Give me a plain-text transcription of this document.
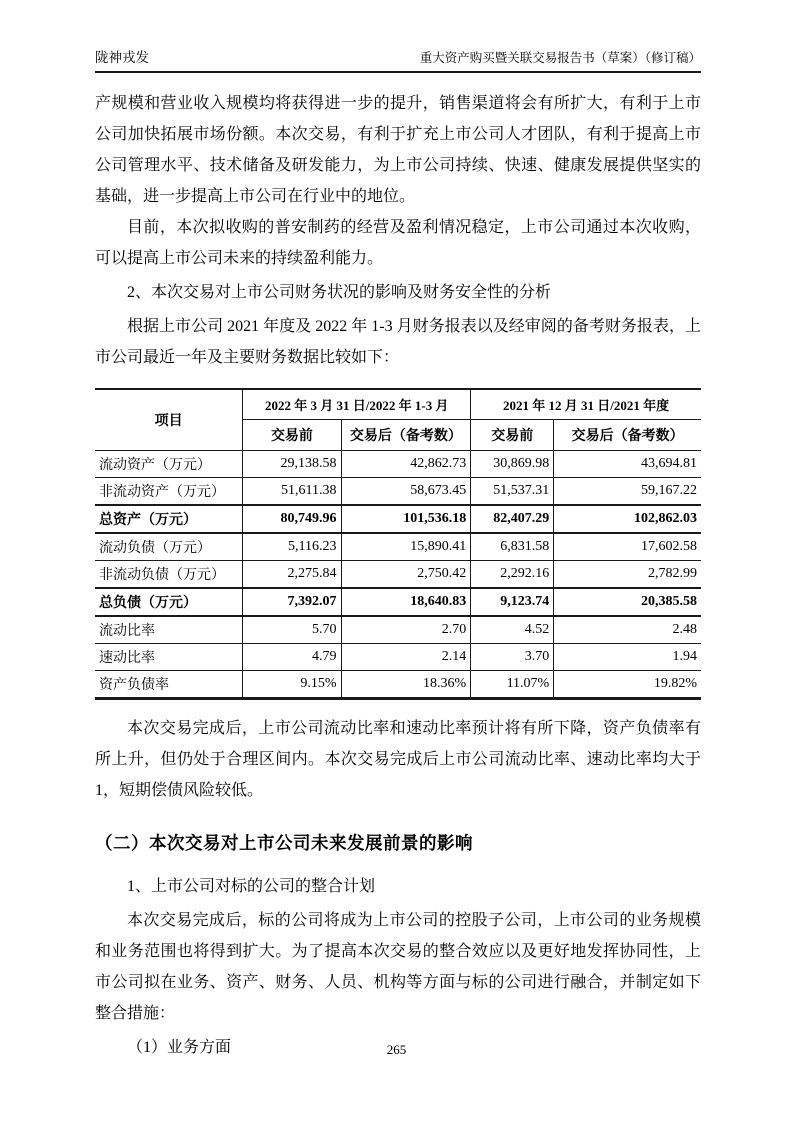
陇神戎发	重大资产购买暨关联交易报告书（草案）（修订稿）

产规模和营业收入规模均将获得进一步的提升，销售渠道将会有所扩大，有利于上市公司加快拓展市场份额。本次交易，有利于扩充上市公司人才团队，有利于提高上市公司管理水平、技术储备及研发能力，为上市公司持续、快速、健康发展提供坚实的基础，进一步提高上市公司在行业中的地位。

目前，本次拟收购的普安制药的经营及盈利情况稳定，上市公司通过本次收购，可以提高上市公司未来的持续盈利能力。

2、本次交易对上市公司财务状况的影响及财务安全性的分析

根据上市公司 2021 年度及 2022 年 1-3 月财务报表以及经审阅的备考财务报表，上市公司最近一年及主要财务数据比较如下：

项目	2022 年 3 月 31 日/2022 年 1-3 月		2021 年 12 月 31 日/2021 年度	
	交易前	交易后（备考数）	交易前	交易后（备考数）
流动资产（万元）	29,138.58	42,862.73	30,869.98	43,694.81
非流动资产（万元）	51,611.38	58,673.45	51,537.31	59,167.22
总资产（万元）	80,749.96	101,536.18	82,407.29	102,862.03
流动负债（万元）	5,116.23	15,890.41	6,831.58	17,602.58
非流动负债（万元）	2,275.84	2,750.42	2,292.16	2,782.99
总负债（万元）	7,392.07	18,640.83	9,123.74	20,385.58
流动比率	5.70	2.70	4.52	2.48
速动比率	4.79	2.14	3.70	1.94
资产负债率	9.15%	18.36%	11.07%	19.82%

本次交易完成后，上市公司流动比率和速动比率预计将有所下降，资产负债率有所上升，但仍处于合理区间内。本次交易完成后上市公司流动比率、速动比率均大于 1，短期偿债风险较低。

（二）本次交易对上市公司未来发展前景的影响

1、上市公司对标的公司的整合计划

本次交易完成后，标的公司将成为上市公司的控股子公司，上市公司的业务规模和业务范围也将得到扩大。为了提高本次交易的整合效应以及更好地发挥协同性，上市公司拟在业务、资产、财务、人员、机构等方面与标的公司进行融合，并制定如下整合措施：

（1）业务方面	265
